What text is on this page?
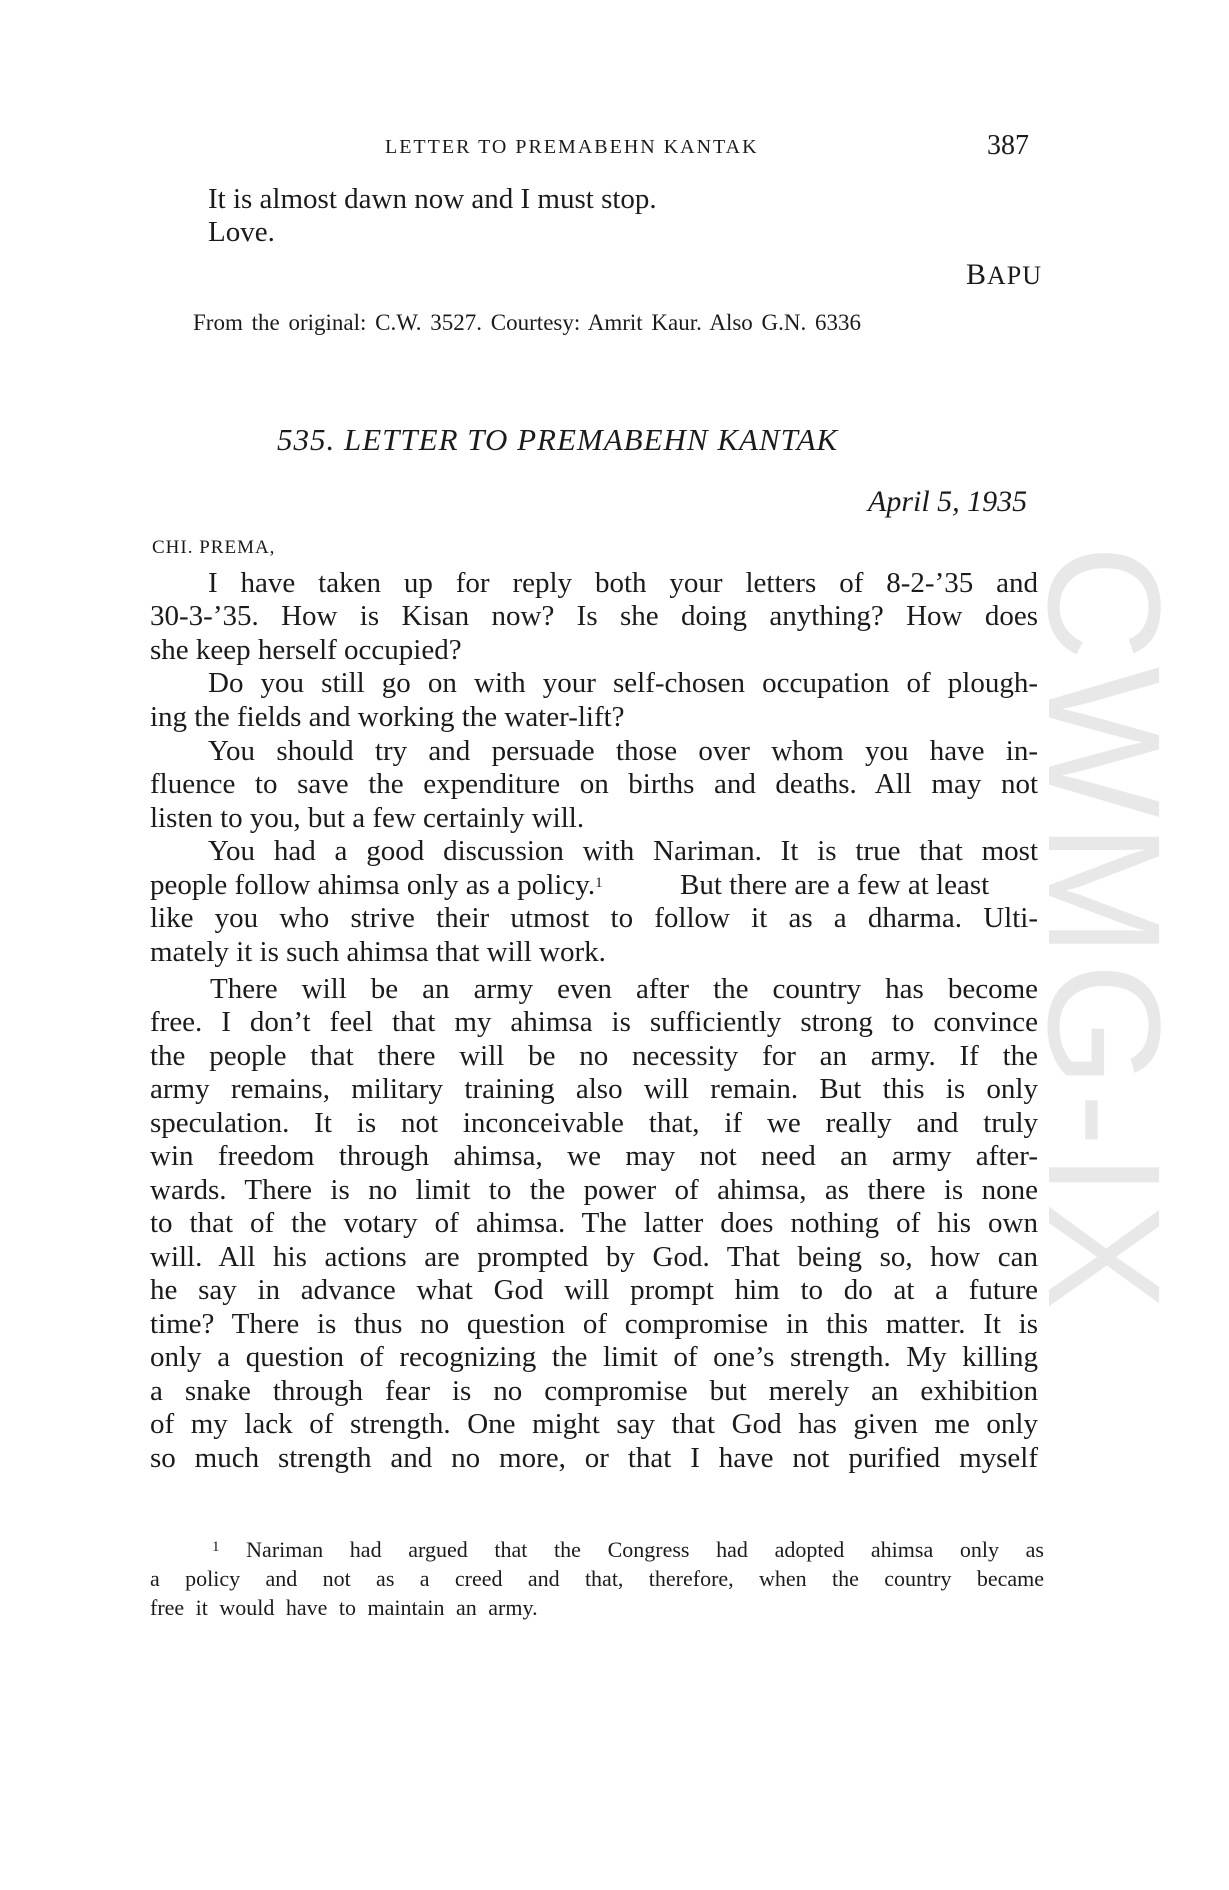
CWMG-IX
LETTER TO PREMABEHN KANTAK	387
It is almost dawn now and I must stop.
Love.
BAPU
From the original: C.W. 3527. Courtesy: Amrit Kaur. Also G.N. 6336
535. LETTER TO PREMABEHN KANTAK
April 5, 1935
CHI. PREMA,
I have taken up for reply both your letters of 8-2-’35 and
30-3-’35. How is Kisan now? Is she doing anything? How does
she keep herself occupied?
Do you still go on with your self-chosen occupation of plough-
ing the fields and working the water-lift?
You should try and persuade those over whom you have in-
fluence to save the expenditure on births and deaths. All may not
listen to you, but a few certainly will.
You had a good discussion with Nariman. It is true that most
people follow ahimsa only as a policy.$^1$	But there are a few at least
like you who strive their utmost to follow it as a dharma. Ulti-
mately it is such ahimsa that will work.
There will be an army even after the country has become
free. I don’t feel that my ahimsa is sufficiently strong to convince
the people that there will be no necessity for an army. If the
army remains, military training also will remain. But this is only
speculation. It is not inconceivable that, if we really and truly
win freedom through ahimsa, we may not need an army after-
wards. There is no limit to the power of ahimsa, as there is none
to that of the votary of ahimsa. The latter does nothing of his own
will. All his actions are prompted by God. That being so, how can
he say in advance what God will prompt him to do at a future
time? There is thus no question of compromise in this matter. It is
only a question of recognizing the limit of one’s strength. My killing
a snake through fear is no compromise but merely an exhibition
of my lack of strength. One might say that God has given me only
so much strength and no more, or that I have not purified myself
$^1$ Nariman had argued that the Congress had adopted ahimsa only as
a policy and not as a creed and that, therefore, when the country became
free it would have to maintain an army.
